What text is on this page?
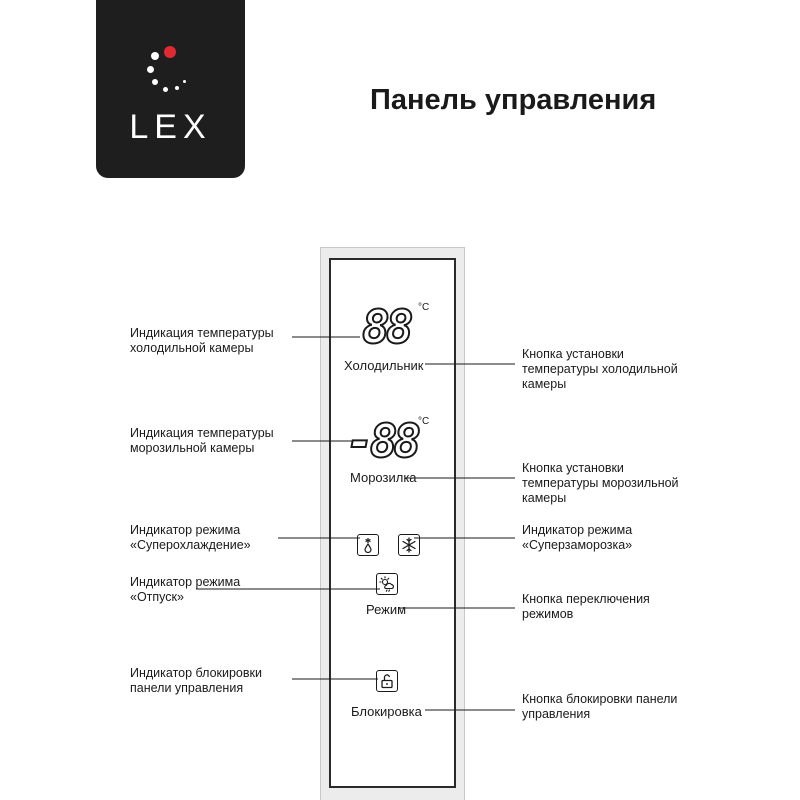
LEX
Панель управления
88 °C
Холодильник
-88 °C
Морозилка
Режим
Блокировка
Индикация температуры
холодильной камеры
Индикация температуры
морозильной камеры
Индикатор режима
«Суперохлаждение»
Индикатор режима
«Отпуск»
Индикатор блокировки
панели управления
Кнопка установки
температуры холодильной
камеры
Кнопка установки
температуры морозильной
камеры
Индикатор режима
«Суперзаморозка»
Кнопка переключения
режимов
Кнопка блокировки панели
управления
